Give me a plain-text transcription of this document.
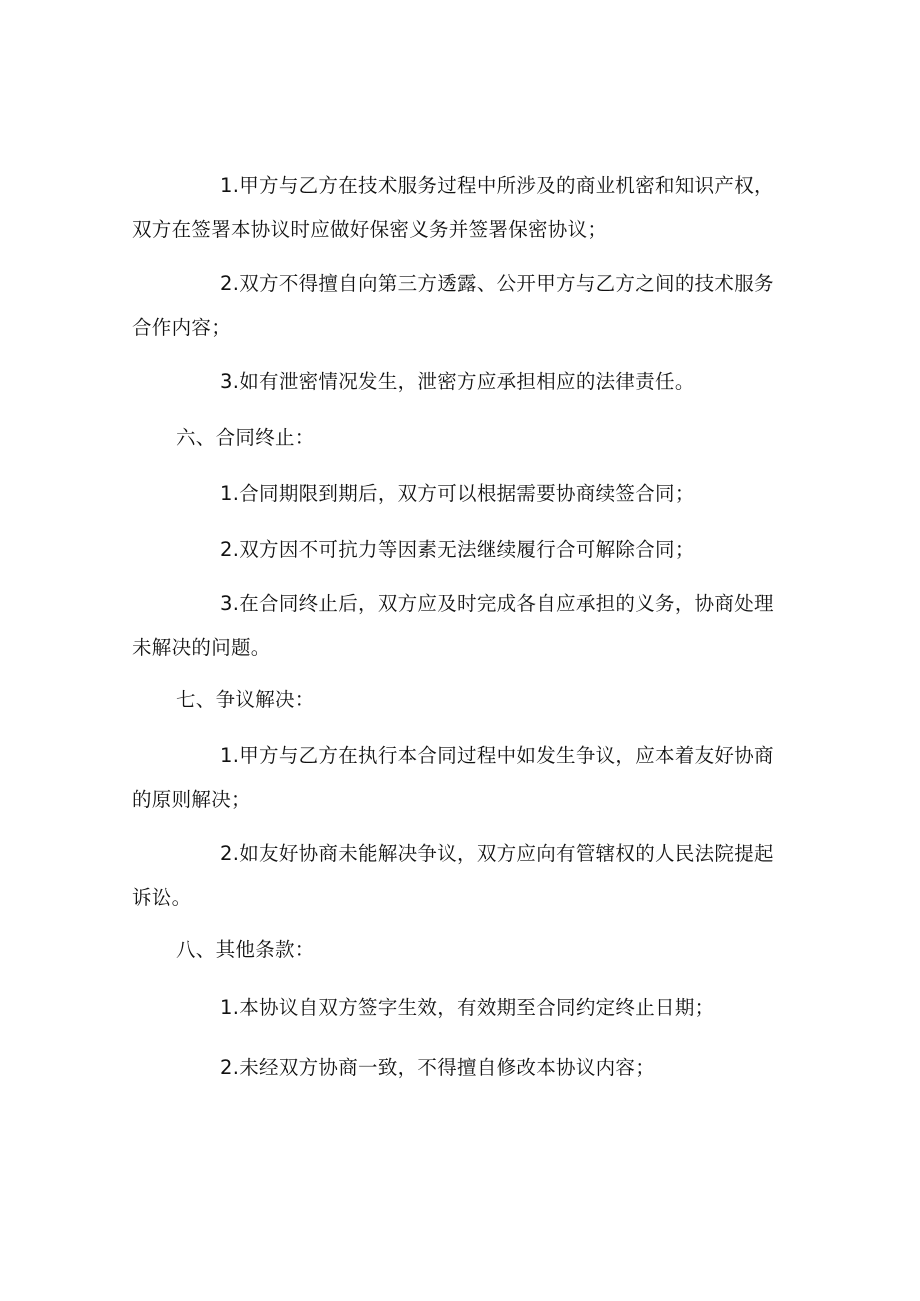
1.甲方与乙方在技术服务过程中所涉及的商业机密和知识产权，双方在签署本协议时应做好保密义务并签署保密协议；

2.双方不得擅自向第三方透露、公开甲方与乙方之间的技术服务合作内容；

3.如有泄密情况发生，泄密方应承担相应的法律责任。

六、合同终止：

1.合同期限到期后，双方可以根据需要协商续签合同；

2.双方因不可抗力等因素无法继续履行合可解除合同；

3.在合同终止后，双方应及时完成各自应承担的义务，协商处理未解决的问题。

七、争议解决：

1.甲方与乙方在执行本合同过程中如发生争议，应本着友好协商的原则解决；

2.如友好协商未能解决争议，双方应向有管辖权的人民法院提起诉讼。

八、其他条款：

1.本协议自双方签字生效，有效期至合同约定终止日期；

2.未经双方协商一致，不得擅自修改本协议内容；
